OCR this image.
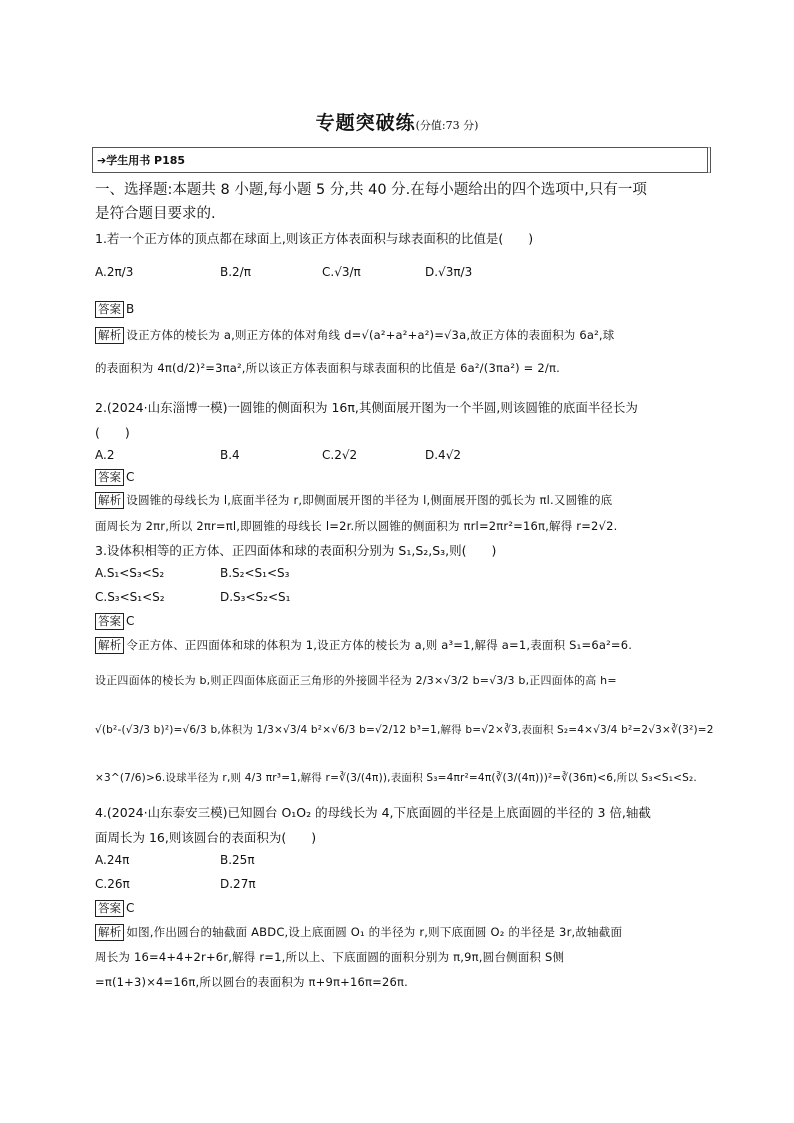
专题突破练(分值:73 分)
➔学生用书 P185
一、选择题:本题共 8 小题,每小题 5 分,共 40 分.在每小题给出的四个选项中,只有一项
是符合题目要求的.
1.若一个正方体的顶点都在球面上,则该正方体表面积与球表面积的比值是(　　)
A.2π/3	B.2/π	C.√3/π	D.√3π/3
答案 B
解析 设正方体的棱长为 a,则正方体的体对角线 d=√(a²+a²+a²)=√3a,故正方体的表面积为 6a²,球
的表面积为 4π(d/2)²=3πa²,所以该正方体表面积与球表面积的比值是 6a²/(3πa²) = 2/π.
2.(2024·山东淄博一模)一圆锥的侧面积为 16π,其侧面展开图为一个半圆,则该圆锥的底面半径长为
(　　)
A.2	B.4	C.2√2	D.4√2
答案 C
解析 设圆锥的母线长为 l,底面半径为 r,即侧面展开图的半径为 l,侧面展开图的弧长为 πl.又圆锥的底
面周长为 2πr,所以 2πr=πl,即圆锥的母线长 l=2r.所以圆锥的侧面积为 πrl=2πr²=16π,解得 r=2√2.
3.设体积相等的正方体、正四面体和球的表面积分别为 S₁,S₂,S₃,则(　　)
A.S₁<S₃<S₂	B.S₂<S₁<S₃
C.S₃<S₁<S₂	D.S₃<S₂<S₁
答案 C
解析 令正方体、正四面体和球的体积为 1,设正方体的棱长为 a,则 a³=1,解得 a=1,表面积 S₁=6a²=6.
设正四面体的棱长为 b,则正四面体底面正三角形的外接圆半径为 2/3×√3/2 b=√3/3 b,正四面体的高 h=
√(b²-(√3/3 b)²)=√6/3 b,体积为 1/3×√3/4 b²×√6/3 b=√2/12 b³=1,解得 b=√2×∛3,表面积 S₂=4×√3/4 b²=2√3×∛(3²)=2
×3^(7/6)>6.设球半径为 r,则 4/3 πr³=1,解得 r=∛(3/(4π)),表面积 S₃=4πr²=4π(∛(3/(4π)))²=∛(36π)<6,所以 S₃<S₁<S₂.
4.(2024·山东泰安三模)已知圆台 O₁O₂ 的母线长为 4,下底面圆的半径是上底面圆的半径的 3 倍,轴截
面周长为 16,则该圆台的表面积为(　　)
A.24π	B.25π
C.26π	D.27π
答案 C
解析 如图,作出圆台的轴截面 ABDC,设上底面圆 O₁ 的半径为 r,则下底面圆 O₂ 的半径是 3r,故轴截面
周长为 16=4+4+2r+6r,解得 r=1,所以上、下底面圆的面积分别为 π,9π,圆台侧面积 S侧
=π(1+3)×4=16π,所以圆台的表面积为 π+9π+16π=26π.
